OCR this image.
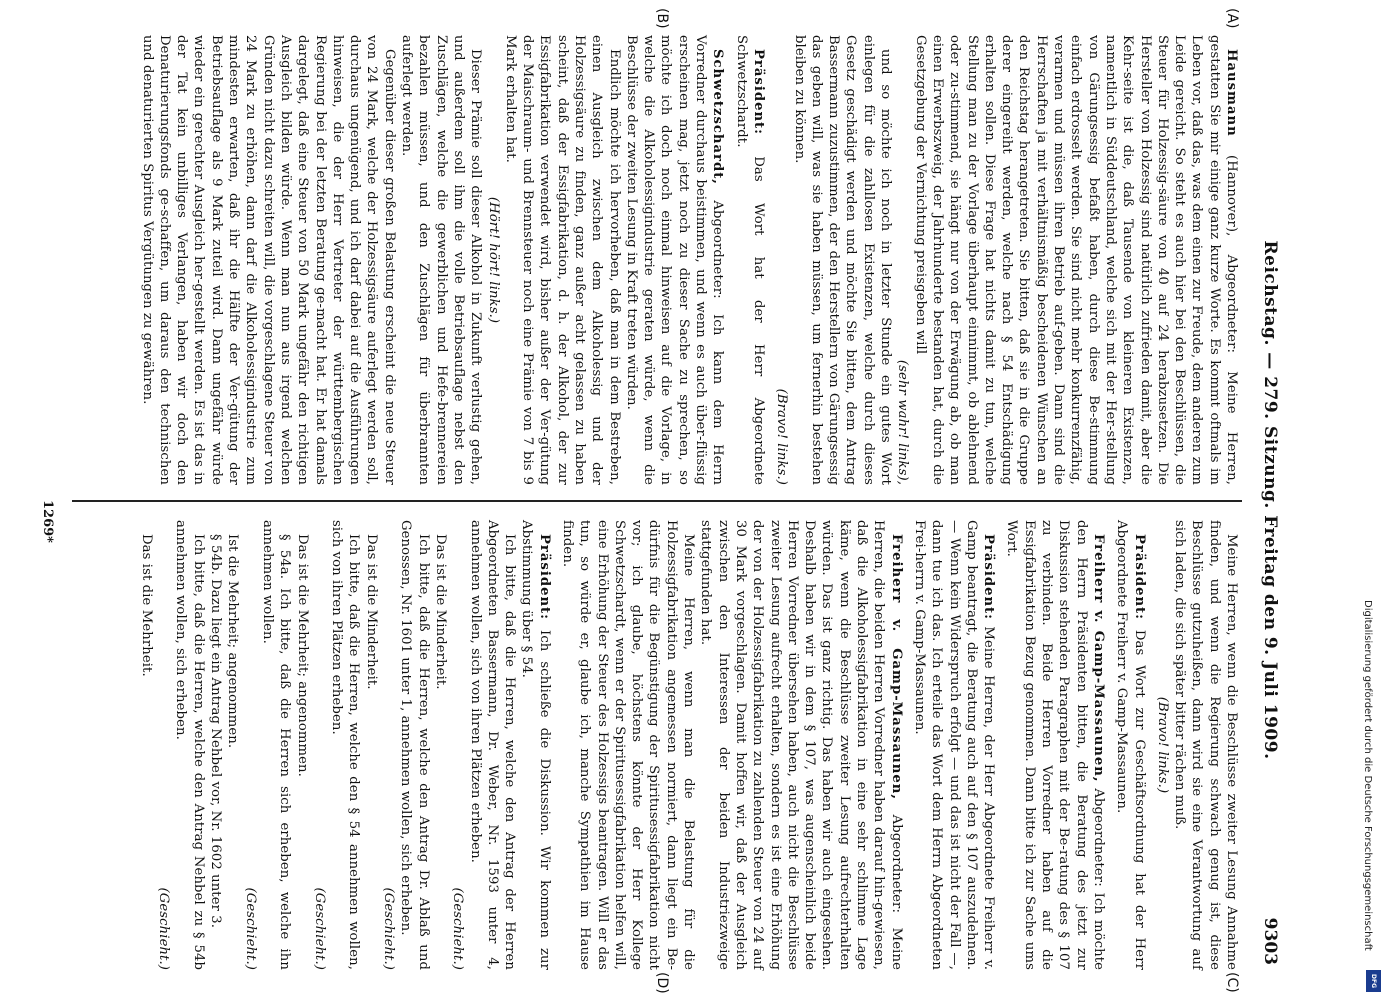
Reichstag. — 279. Sitzung. Freitag den 9. Juli 1909.
9303
(A)
(B)
(C)
(D)

Hausmann (Hannover), Abgeordneter: Meine Herren, gestatten Sie mir einige ganz kurze Worte. Es kommt oftmals im Leben vor, daß das, was dem einen zur Freude, dem anderen zum Leide gereicht. So steht es auch hier bei den Beschlüssen, die Steuer für Holzessig-säure von 40 auf 24 herabzusetzen. Die Hersteller von Holzessig sind natürlich zufrieden damit, aber die Kehr-seite ist die, daß Tausende von kleineren Existenzen, namentlich in Süddeutschland, welche sich mit der Her-stellung von Gärungsessig befaßt haben, durch diese Be-stimmung einfach erdrosselt werden. Sie sind nicht mehr konkurrenzfähig, verarmen und müssen ihren Betrieb auf-geben. Dann sind die Herrschaften ja mit verhältnismäßig bescheidenen Wünschen an den Reichstag herangetreten. Sie bitten, daß sie in die Gruppe derer eingereiht werden, welche nach § 54 Entschädigung erhalten sollen. Diese Frage hat nichts damit zu tun, welche Stellung man zu der Vorlage überhaupt einnimmt, ob ablehnend oder zu-stimmend, sie hängt nur von der Erwägung ab, ob man einen Erwerbszweig, der Jahrhunderte bestanden hat, durch die Gesetzgebung der Vernichtung preisgeben will

(sehr wahr! links),

und so möchte ich noch in letzter Stunde ein gutes Wort einlegen für die zahllosen Existenzen, welche durch dieses Gesetz geschädigt werden und möchte Sie bitten, dem Antrag Bassermann zuzustimmen, der den Herstellern von Gärungsessig das geben will, was sie haben müssen, um fernerhin bestehen bleiben zu können.

(Bravo! links.)

Präsident: Das Wort hat der Herr Abgeordnete Schwetzschardt.

Schwetzschardt, Abgeordneter: Ich kann dem Herrn Vorredner durchaus beistimmen, und wenn es auch über-flüssig erscheinen mag, jetzt noch zu dieser Sache zu sprechen, so möchte ich doch noch einmal hinweisen auf die Vorlage, in welche die Alkoholessigindustrie geraten würde, wenn die Beschlüsse der zweiten Lesung in Kraft treten würden.

Endlich möchte ich hervorheben, daß man in dem Bestreben, einen Ausgleich zwischen dem Alkoholessig und der Holzessigsäure zu finden, ganz außer acht gelassen zu haben scheint, daß der Essigfabrikation, d. h. der Alkohol, der zur Essigfabrikation verwendet wird, bisher außer der Ver-gütung der Maischraum- und Brennsteuer noch eine Prämie von 7 bis 9 Mark erhalten hat.

(Hört! hört! links.)

Dieser Prämie soll dieser Alkohol in Zukunft verlustig gehen, und außerdem soll ihm die volle Betriebsauflage nebst den Zuschlägen, welche die gewerblichen und Hefe-brennereien bezahlen müssen, und den Zuschlägen für überbrannten auferlegt werden.

Gegenüber dieser großen Belastung erscheint die neue Steuer von 24 Mark, welche der Holzessigsäure auferlegt werden soll, durchaus ungenügend, und ich darf dabei auf die Ausführungen hinweisen, die der Herr Vertreter der württembergischen Regierung bei der letzten Beratung ge-macht hat. Er hat damals dargelegt, daß eine Steuer von 50 Mark ungefähr den richtigen Ausgleich bilden würde. Wenn man nun aus irgend welchen Gründen nicht dazu schreiten will, die vorgeschlagene Steuer von 24 Mark zu erhöhen, dann darf die Alkoholessigindustrie zum mindesten erwarten, daß ihr die Hälfte der Ver-gütung der Betriebsauflage als 9 Mark zuteil wird. Dann ungefähr würde wieder ein gerechter Ausgleich her-gestellt werden. Es ist das in der Tat kein unbilliges Verlangen, haben wir doch den Denaturierungsfonds ge-schaffen, um daraus den technischen und denaturierten Spiritus Vergütungen zu gewähren.

Meine Herren, wenn die Beschlüsse zweiter Lesung Annahme finden, und wenn die Regierung schwach genug ist, diese Beschlüsse gutzuheißen, dann wird sie eine Verantwortung auf sich laden, die sich später bitter rächen muß.

(Bravo! links.)

Präsident: Das Wort zur Geschäftsordnung hat der Herr Abgeordnete Freiherr v. Gamp-Massaunen.

Freiherr v. Gamp-Massaunen, Abgeordneter: Ich möchte den Herrn Präsidenten bitten, die Beratung des jetzt zur Diskussion stehenden Paragraphen mit der Be-ratung des § 107 zu verbinden. Beide Herren Vorredner haben auf die Essigfabrikation Bezug genommen. Dann bitte ich zur Sache ums Wort.

Präsident: Meine Herren, der Herr Abgeordnete Freiherr v. Gamp beantragt, die Beratung auch auf den § 107 auszudehnen. — Wenn kein Widerspruch erfolgt — und das ist nicht der Fall —, dann tue ich das. Ich erteile das Wort dem Herrn Abgeordneten Frei-herrn v. Gamp-Massaunen.

Freiherr v. Gamp-Massaunen, Abgeordneter: Meine Herren, die beiden Herren Vorredner haben darauf hin-gewiesen, daß die Alkoholessigfabrikation in eine sehr schlimme Lage käme, wenn die Beschlüsse zweiter Lesung aufrechterhalten würden. Das ist ganz richtig. Das haben wir auch eingesehen. Deshalb haben wir in dem § 107, was augenscheinlich beide Herren Vorredner übersehen haben, auch nicht die Beschlüsse zweiter Lesung aufrecht erhalten, sondern es ist eine Erhöhung der von der Holzessigfabrikation zu zahlenden Steuer von 24 auf 30 Mark vorgeschlagen. Damit hoffen wir, daß der Ausgleich zwischen den Interessen der beiden Industriezweige stattgefunden hat.

Meine Herren, wenn man die Belastung für die Holzessigfabrikation angemessen normiert, dann liegt ein Be-dürfnis für die Begünstigung der Spiritusessigfabrikation nicht vor; ich glaube, höchstens könnte der Herr Kollege Schwetzschardt, wenn er der Spiritusessigfabrikation helfen will, eine Erhöhung der Steuer des Holzessigs beantragen. Will er das tun, so würde er, glaube ich, manche Sympathien im Hause finden.

Präsident: Ich schließe die Diskussion. Wir kommen zur Abstimmung über § 54.

Ich bitte, daß die Herren, welche den Antrag der Herren Abgeordneten Bassermann, Dr. Weber, Nr. 1593 unter 4, annehmen wollen, sich von ihren Plätzen erheben.

(Geschieht.)

Das ist die Minderheit.

Ich bitte, daß die Herren, welche den Antrag Dr. Ablaß und Genossen, Nr. 1601 unter 1, annehmen wollen, sich erheben.

(Geschieht.)

Das ist die Minderheit.

Ich bitte, daß die Herren, welche den § 54 annehmen wollen, sich von ihren Plätzen erheben.

(Geschieht.)

Das ist die Mehrheit; angenommen.

§ 54a. Ich bitte, daß die Herren sich erheben, welche ihn annehmen wollen.

(Geschieht.)

Ist die Mehrheit; angenommen.

§ 54b. Dazu liegt ein Antrag Nehbel vor, Nr. 1602 unter 3.

Ich bitte, daß die Herren, welche den Antrag Nehbel zu § 54b annehmen wollen, sich erheben.

(Geschieht.)

Das ist die Mehrheit.

1269*
Digitalisierung gefördert durch die Deutsche Forschungsgemeinschaft
DFG
